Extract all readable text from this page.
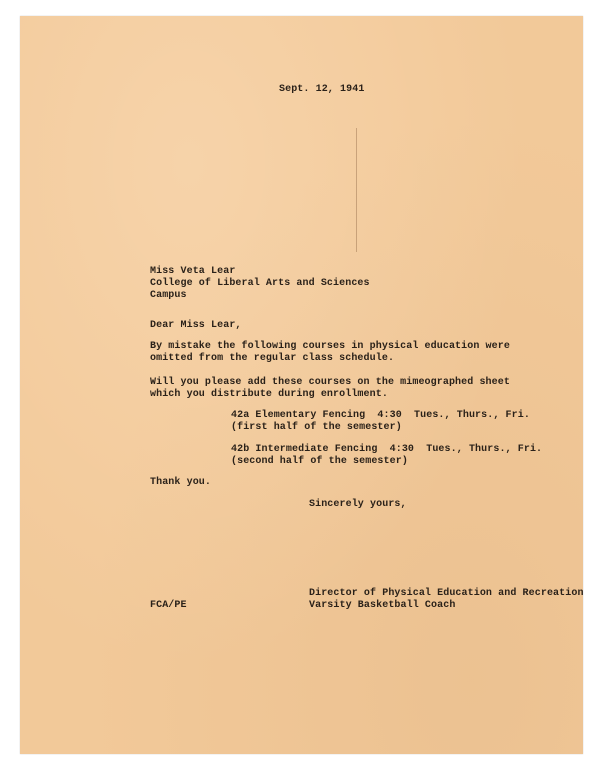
Sept. 12, 1941

Miss Veta Lear

College of Liberal Arts and Sciences

Campus

Dear Miss Lear,

By mistake the following courses in physical education were

omitted from the regular class schedule.

Will you please add these courses on the mimeographed sheet

which you distribute during enrollment.

42a Elementary Fencing  4:30  Tues., Thurs., Fri.

(first half of the semester)

42b Intermediate Fencing  4:30  Tues., Thurs., Fri.

(second half of the semester)

Thank you.

Sincerely yours,

FCA/PE

Director of Physical Education and Recreation

Varsity Basketball Coach
